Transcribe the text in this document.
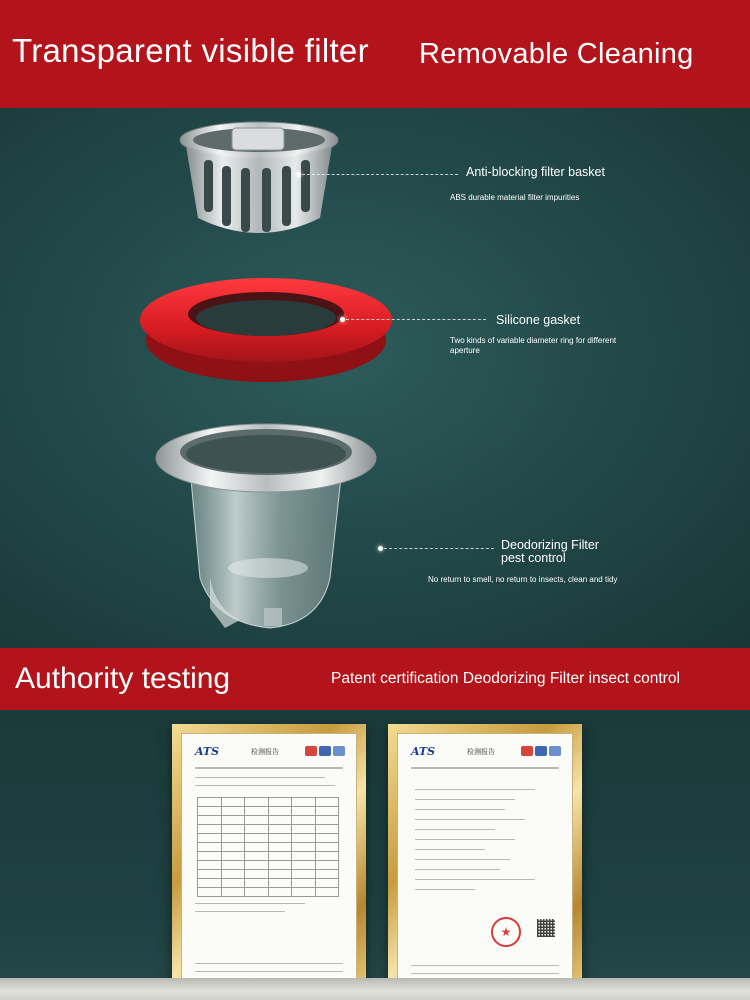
Transparent visible filter Removable Cleaning
Anti-blocking filter basket
ABS durable material filter impurities
Silicone gasket
Two kinds of variable diameter ring for different aperture
Deodorizing Filter pest control
No return to smell, no return to insects, clean and tidy
Authority testing	Patent certification Deodorizing Filter insect control
ATS	检测报告

						ATS	检测报告
★
